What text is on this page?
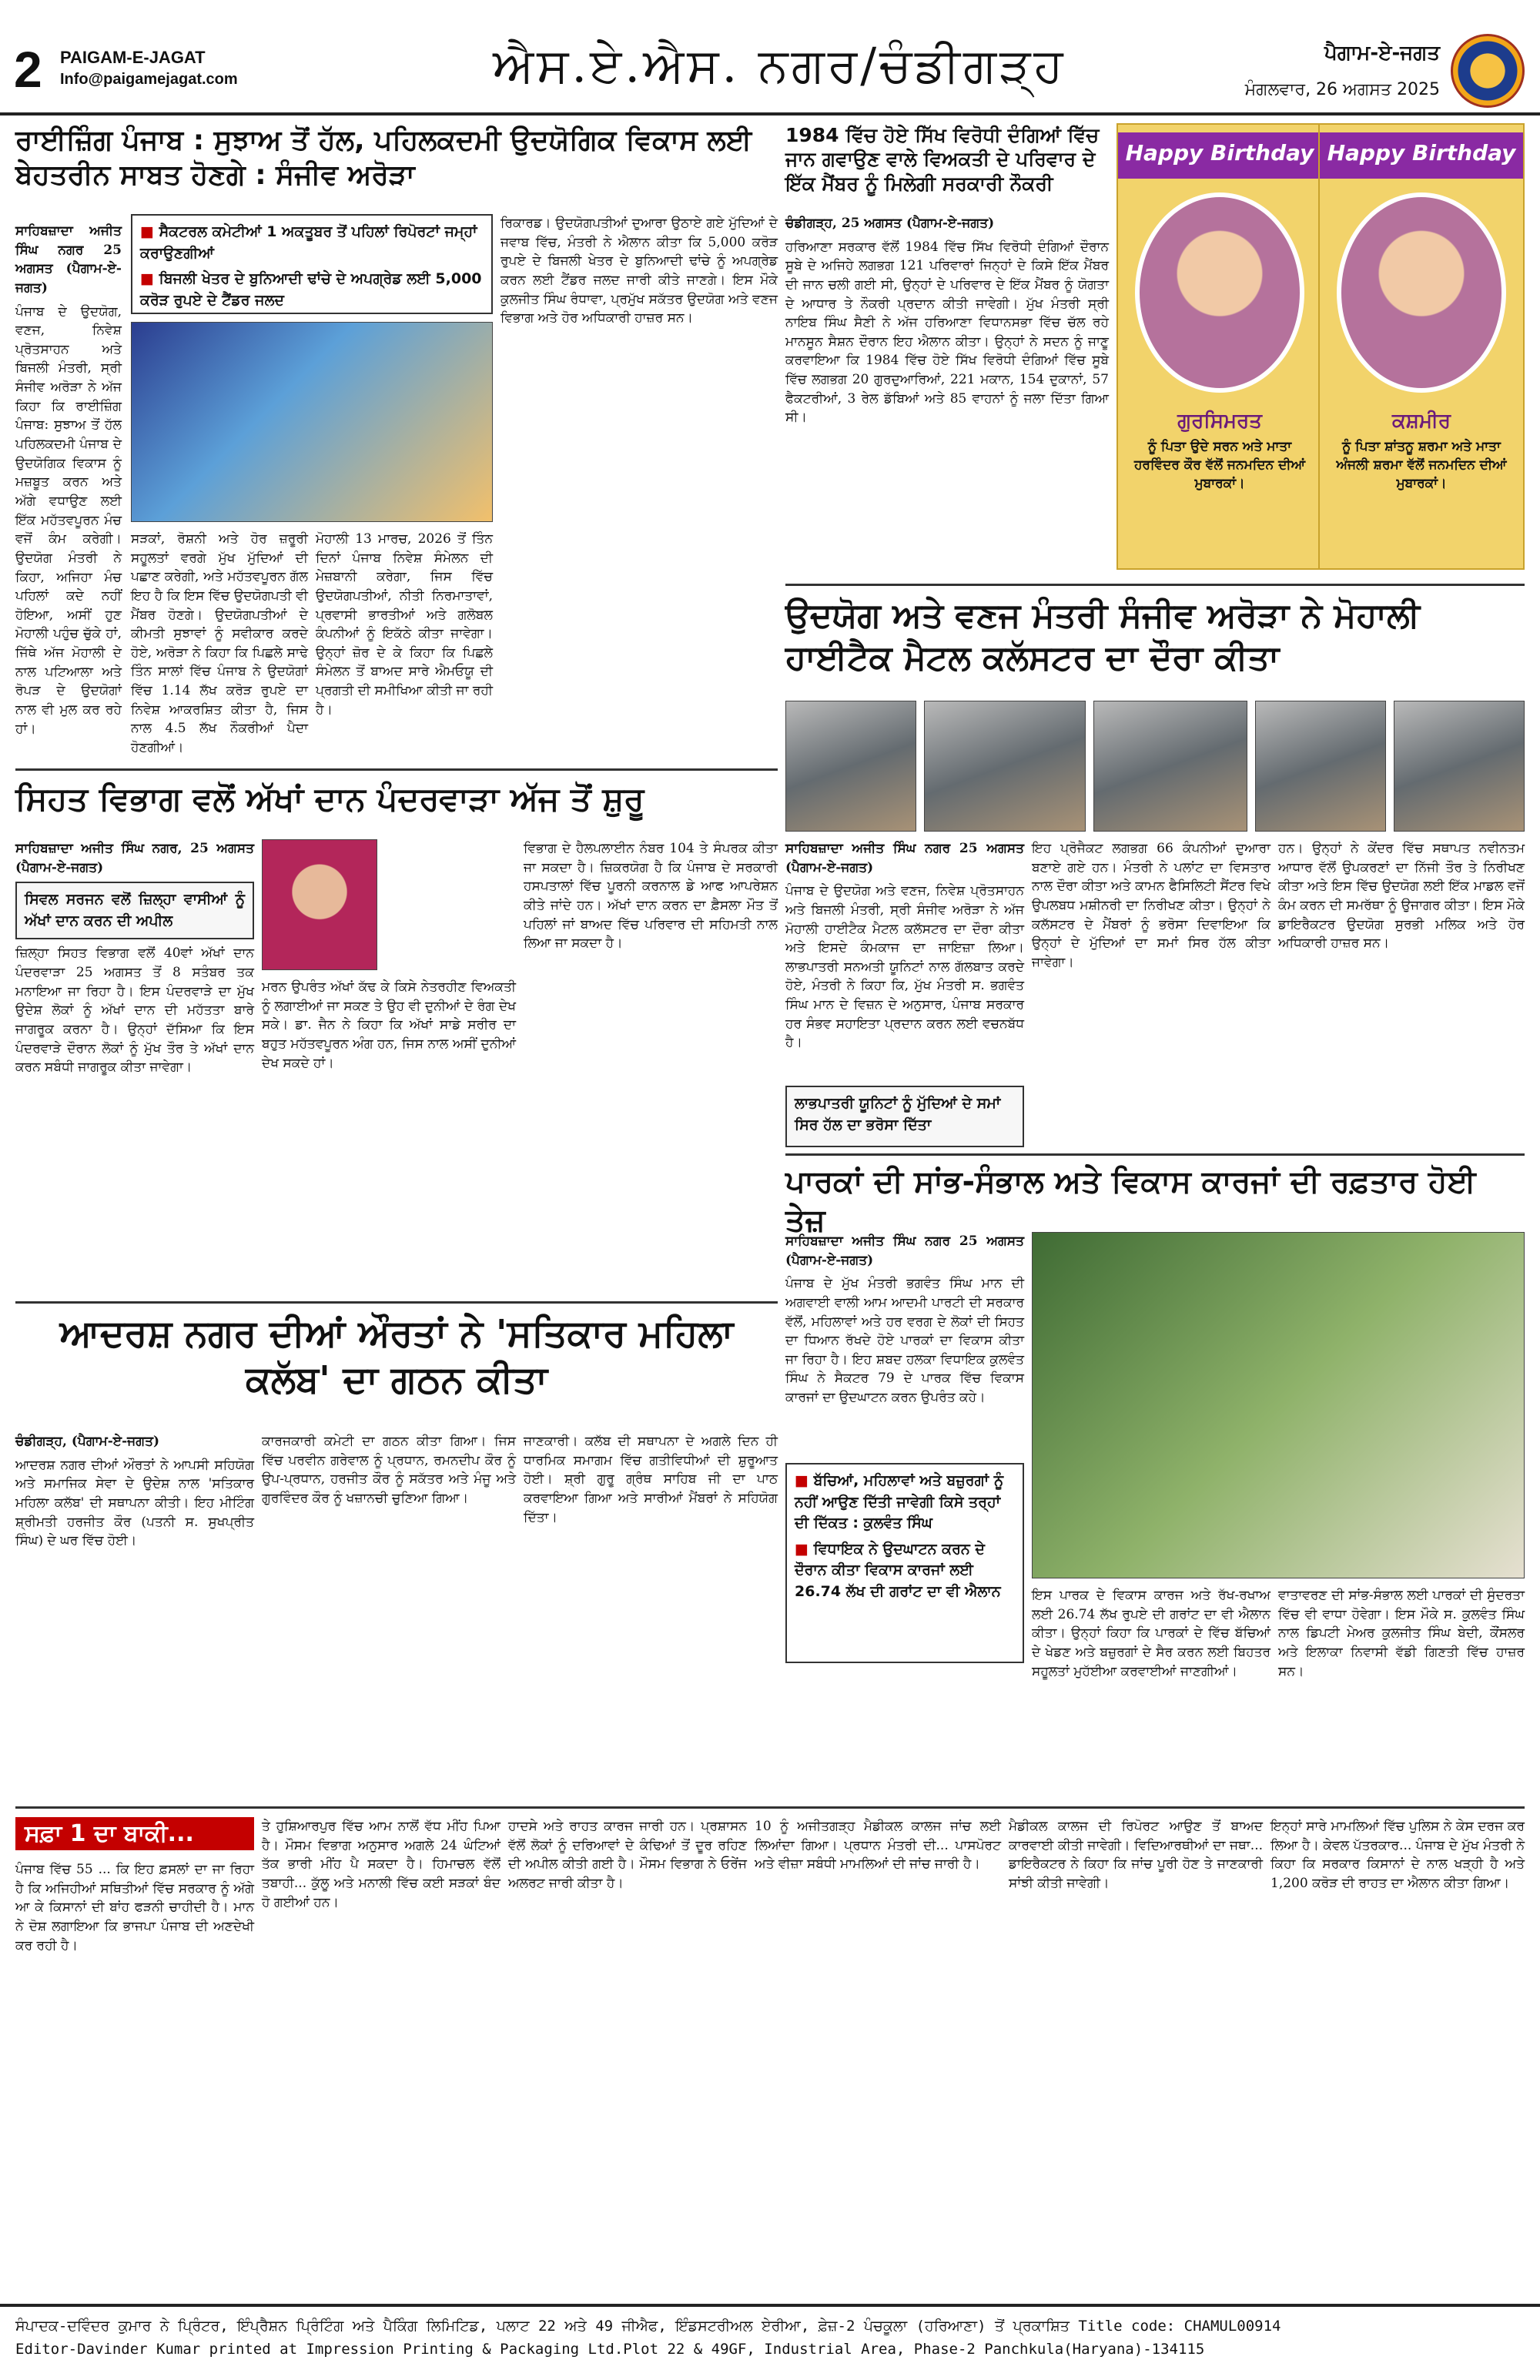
2 PAIGAM-E-JAGAT
Info@paigamejagat.com	ਐਸ.ਏ.ਐਸ. ਨਗਰ/ਚੰਡੀਗੜ੍ਹ	ਪੈਗਾਮ-ਏ-ਜਗਤ
ਮੰਗਲਵਾਰ, 26 ਅਗਸਤ 2025
ਰਾਈਜ਼ਿੰਗ ਪੰਜਾਬ : ਸੁਝਾਅ ਤੋਂ ਹੱਲ, ਪਹਿਲਕਦਮੀ ਉਦਯੋਗਿਕ ਵਿਕਾਸ ਲਈ ਬੇਹਤਰੀਨ ਸਾਬਤ ਹੋਣਗੇ : ਸੰਜੀਵ ਅਰੋੜਾ
ਸਾਹਿਬਜ਼ਾਦਾ ਅਜੀਤ ਸਿੰਘ ਨਗਰ 25 ਅਗਸਤ (ਪੈਗਾਮ-ਏ-ਜਗਤ)

ਪੰਜਾਬ ਦੇ ਉਦਯੋਗ, ਵਣਜ, ਨਿਵੇਸ਼ ਪ੍ਰੋਤਸਾਹਨ ਅਤੇ ਬਿਜਲੀ ਮੰਤਰੀ, ਸ੍ਰੀ ਸੰਜੀਵ ਅਰੋੜਾ ਨੇ ਅੱਜ ਕਿਹਾ ਕਿ ਰਾਈਜ਼ਿੰਗ ਪੰਜਾਬ: ਸੁਝਾਅ ਤੋਂ ਹੱਲ ਪਹਿਲਕਦਮੀ ਪੰਜਾਬ ਦੇ ਉਦਯੋਗਿਕ ਵਿਕਾਸ ਨੂੰ ਮਜ਼ਬੂਤ ਕਰਨ ਅਤੇ ਅੱਗੇ ਵਧਾਉਣ ਲਈ ਇੱਕ ਮਹੱਤਵਪੂਰਨ ਮੰਚ ਵਜੋਂ ਕੰਮ ਕਰੇਗੀ। ਉਦਯੋਗ ਮੰਤਰੀ ਨੇ ਕਿਹਾ, ਅਜਿਹਾ ਮੰਚ ਪਹਿਲਾਂ ਕਦੇ ਨਹੀਂ ਹੋਇਆ, ਅਸੀਂ ਹੁਣ ਮੋਹਾਲੀ ਪਹੁੰਚ ਚੁੱਕੇ ਹਾਂ, ਜਿੱਥੇ ਅੱਜ ਮੋਹਾਲੀ ਦੇ ਨਾਲ ਪਟਿਆਲਾ ਅਤੇ ਰੋਪੜ ਦੇ ਉਦਯੋਗਾਂ ਨਾਲ ਵੀ ਮੁਲ ਕਰ ਰਹੇ ਹਾਂ।

■ ਸੈਕਟਰਲ ਕਮੇਟੀਆਂ 1 ਅਕਤੂਬਰ ਤੋਂ ਪਹਿਲਾਂ ਰਿਪੋਰਟਾਂ ਜਮ੍ਹਾਂ ਕਰਾਉਣਗੀਆਂ
■ ਬਿਜਲੀ ਖੇਤਰ ਦੇ ਬੁਨਿਆਦੀ ਢਾਂਚੇ ਦੇ ਅਪਗ੍ਰੇਡ ਲਈ 5,000 ਕਰੋੜ ਰੁਪਏ ਦੇ ਟੈਂਡਰ ਜਲਦ

ਸੜਕਾਂ, ਰੋਸ਼ਨੀ ਅਤੇ ਹੋਰ ਜ਼ਰੂਰੀ ਸਹੂਲਤਾਂ ਵਰਗੇ ਮੁੱਖ ਮੁੱਦਿਆਂ ਦੀ ਪਛਾਣ ਕਰੇਗੀ, ਅਤੇ ਮਹੱਤਵਪੂਰਨ ਗੱਲ ਇਹ ਹੈ ਕਿ ਇਸ ਵਿੱਚ ਉਦਯੋਗਪਤੀ ਵੀ ਮੈਂਬਰ ਹੋਣਗੇ। ਉਦਯੋਗਪਤੀਆਂ ਦੇ ਕੀਮਤੀ ਸੁਝਾਵਾਂ ਨੂੰ ਸਵੀਕਾਰ ਕਰਦੇ ਹੋਏ, ਅਰੋੜਾ ਨੇ ਕਿਹਾ ਕਿ ਪਿਛਲੇ ਸਾਢੇ ਤਿੰਨ ਸਾਲਾਂ ਵਿੱਚ ਪੰਜਾਬ ਨੇ ਉਦਯੋਗਾਂ ਵਿੱਚ 1.14 ਲੱਖ ਕਰੋੜ ਰੁਪਏ ਦਾ ਨਿਵੇਸ਼ ਆਕਰਸ਼ਿਤ ਕੀਤਾ ਹੈ, ਜਿਸ ਨਾਲ 4.5 ਲੱਖ ਨੌਕਰੀਆਂ ਪੈਦਾ ਹੋਣਗੀਆਂ।

ਮੋਹਾਲੀ 13 ਮਾਰਚ, 2026 ਤੋਂ ਤਿੰਨ ਦਿਨਾਂ ਪੰਜਾਬ ਨਿਵੇਸ਼ ਸੰਮੇਲਨ ਦੀ ਮੇਜ਼ਬਾਨੀ ਕਰੇਗਾ, ਜਿਸ ਵਿੱਚ ਉਦਯੋਗਪਤੀਆਂ, ਨੀਤੀ ਨਿਰਮਾਤਾਵਾਂ, ਪ੍ਰਵਾਸੀ ਭਾਰਤੀਆਂ ਅਤੇ ਗਲੋਬਲ ਕੰਪਨੀਆਂ ਨੂੰ ਇਕੱਠੇ ਕੀਤਾ ਜਾਵੇਗਾ। ਉਨ੍ਹਾਂ ਜ਼ੋਰ ਦੇ ਕੇ ਕਿਹਾ ਕਿ ਪਿਛਲੇ ਸੰਮੇਲਨ ਤੋਂ ਬਾਅਦ ਸਾਰੇ ਐਮਓਯੂ ਦੀ ਪ੍ਰਗਤੀ ਦੀ ਸਮੀਖਿਆ ਕੀਤੀ ਜਾ ਰਹੀ ਹੈ।

ਰਿਕਾਰਡ। ਉਦਯੋਗਪਤੀਆਂ ਦੁਆਰਾ ਉਠਾਏ ਗਏ ਮੁੱਦਿਆਂ ਦੇ ਜਵਾਬ ਵਿੱਚ, ਮੰਤਰੀ ਨੇ ਐਲਾਨ ਕੀਤਾ ਕਿ 5,000 ਕਰੋੜ ਰੁਪਏ ਦੇ ਬਿਜਲੀ ਖੇਤਰ ਦੇ ਬੁਨਿਆਦੀ ਢਾਂਚੇ ਨੂੰ ਅਪਗ੍ਰੇਡ ਕਰਨ ਲਈ ਟੈਂਡਰ ਜਲਦ ਜਾਰੀ ਕੀਤੇ ਜਾਣਗੇ। ਇਸ ਮੌਕੇ ਕੁਲਜੀਤ ਸਿੰਘ ਰੰਧਾਵਾ, ਪ੍ਰਮੁੱਖ ਸਕੱਤਰ ਉਦਯੋਗ ਅਤੇ ਵਣਜ ਵਿਭਾਗ ਅਤੇ ਹੋਰ ਅਧਿਕਾਰੀ ਹਾਜ਼ਰ ਸਨ।

1984 ਵਿੱਚ ਹੋਏ ਸਿੱਖ ਵਿਰੋਧੀ ਦੰਗਿਆਂ ਵਿੱਚ ਜਾਨ ਗਵਾਉਣ ਵਾਲੇ ਵਿਅਕਤੀ ਦੇ ਪਰਿਵਾਰ ਦੇ ਇੱਕ ਮੈਂਬਰ ਨੂੰ ਮਿਲੇਗੀ ਸਰਕਾਰੀ ਨੌਕਰੀ
ਚੰਡੀਗੜ੍ਹ, 25 ਅਗਸਤ (ਪੈਗਾਮ-ਏ-ਜਗਤ)

ਹਰਿਆਣਾ ਸਰਕਾਰ ਵੱਲੋਂ 1984 ਵਿੱਚ ਸਿੱਖ ਵਿਰੋਧੀ ਦੰਗਿਆਂ ਦੌਰਾਨ ਸੂਬੇ ਦੇ ਅਜਿਹੇ ਲਗਭਗ 121 ਪਰਿਵਾਰਾਂ ਜਿਨ੍ਹਾਂ ਦੇ ਕਿਸੇ ਇੱਕ ਮੈਂਬਰ ਦੀ ਜਾਨ ਚਲੀ ਗਈ ਸੀ, ਉਨ੍ਹਾਂ ਦੇ ਪਰਿਵਾਰ ਦੇ ਇੱਕ ਮੈਂਬਰ ਨੂੰ ਯੋਗਤਾ ਦੇ ਆਧਾਰ ਤੇ ਨੌਕਰੀ ਪ੍ਰਦਾਨ ਕੀਤੀ ਜਾਵੇਗੀ। ਮੁੱਖ ਮੰਤਰੀ ਸ੍ਰੀ ਨਾਇਬ ਸਿੰਘ ਸੈਣੀ ਨੇ ਅੱਜ ਹਰਿਆਣਾ ਵਿਧਾਨਸਭਾ ਵਿੱਚ ਚੱਲ ਰਹੇ ਮਾਨਸੂਨ ਸੈਸ਼ਨ ਦੌਰਾਨ ਇਹ ਐਲਾਨ ਕੀਤਾ। ਉਨ੍ਹਾਂ ਨੇ ਸਦਨ ਨੂੰ ਜਾਣੂ ਕਰਵਾਇਆ ਕਿ 1984 ਵਿੱਚ ਹੋਏ ਸਿੱਖ ਵਿਰੋਧੀ ਦੰਗਿਆਂ ਵਿੱਚ ਸੂਬੇ ਵਿੱਚ ਲਗਭਗ 20 ਗੁਰਦੁਆਰਿਆਂ, 221 ਮਕਾਨ, 154 ਦੁਕਾਨਾਂ, 57 ਫੈਕਟਰੀਆਂ, 3 ਰੇਲ ਡੱਬਿਆਂ ਅਤੇ 85 ਵਾਹਨਾਂ ਨੂੰ ਜਲਾ ਦਿੱਤਾ ਗਿਆ ਸੀ।

Happy Birthday
ਗੁਰਸਿਮਰਤ
ਨੂੰ ਪਿਤਾ ਉਦੇ ਸਰਨ ਅਤੇ ਮਾਤਾ ਹਰਵਿੰਦਰ ਕੌਰ ਵੱਲੋਂ ਜਨਮਦਿਨ ਦੀਆਂ ਮੁਬਾਰਕਾਂ।
Happy Birthday
ਕਸ਼ਮੀਰ
ਨੂੰ ਪਿਤਾ ਸ਼ਾਂਤਨੂ ਸ਼ਰਮਾ ਅਤੇ ਮਾਤਾ ਅੰਜਲੀ ਸ਼ਰਮਾ ਵੱਲੋਂ ਜਨਮਦਿਨ ਦੀਆਂ ਮੁਬਾਰਕਾਂ।
ਉਦਯੋਗ ਅਤੇ ਵਣਜ ਮੰਤਰੀ ਸੰਜੀਵ ਅਰੋੜਾ ਨੇ ਮੋਹਾਲੀ ਹਾਈਟੈਕ ਮੈਟਲ ਕਲੱਸਟਰ ਦਾ ਦੌਰਾ ਕੀਤਾ
ਸਾਹਿਬਜ਼ਾਦਾ ਅਜੀਤ ਸਿੰਘ ਨਗਰ 25 ਅਗਸਤ (ਪੈਗਾਮ-ਏ-ਜਗਤ)

ਪੰਜਾਬ ਦੇ ਉਦਯੋਗ ਅਤੇ ਵਣਜ, ਨਿਵੇਸ਼ ਪ੍ਰੋਤਸਾਹਨ ਅਤੇ ਬਿਜਲੀ ਮੰਤਰੀ, ਸ੍ਰੀ ਸੰਜੀਵ ਅਰੋੜਾ ਨੇ ਅੱਜ ਮੋਹਾਲੀ ਹਾਈਟੈਕ ਮੈਟਲ ਕਲੱਸਟਰ ਦਾ ਦੌਰਾ ਕੀਤਾ ਅਤੇ ਇਸਦੇ ਕੰਮਕਾਜ ਦਾ ਜਾਇਜ਼ਾ ਲਿਆ। ਲਾਭਪਾਤਰੀ ਸਨਅਤੀ ਯੂਨਿਟਾਂ ਨਾਲ ਗੱਲਬਾਤ ਕਰਦੇ ਹੋਏ, ਮੰਤਰੀ ਨੇ ਕਿਹਾ ਕਿ, ਮੁੱਖ ਮੰਤਰੀ ਸ. ਭਗਵੰਤ ਸਿੰਘ ਮਾਨ ਦੇ ਵਿਜ਼ਨ ਦੇ ਅਨੁਸਾਰ, ਪੰਜਾਬ ਸਰਕਾਰ ਹਰ ਸੰਭਵ ਸਹਾਇਤਾ ਪ੍ਰਦਾਨ ਕਰਨ ਲਈ ਵਚਨਬੱਧ ਹੈ।

ਲਾਭਪਾਤਰੀ ਯੂਨਿਟਾਂ ਨੂੰ ਮੁੱਦਿਆਂ ਦੇ ਸਮਾਂ ਸਿਰ ਹੱਲ ਦਾ ਭਰੋਸਾ ਦਿੱਤਾ

ਇਹ ਪ੍ਰੋਜੈਕਟ ਲਗਭਗ 66 ਕੰਪਨੀਆਂ ਦੁਆਰਾ ਬਣਾਏ ਗਏ ਹਨ। ਮੰਤਰੀ ਨੇ ਪਲਾਂਟ ਦਾ ਵਿਸਤਾਰ ਨਾਲ ਦੌਰਾ ਕੀਤਾ ਅਤੇ ਕਾਮਨ ਫੈਸਿਲਿਟੀ ਸੈਂਟਰ ਵਿਖੇ ਉਪਲਬਧ ਮਸ਼ੀਨਰੀ ਦਾ ਨਿਰੀਖਣ ਕੀਤਾ। ਉਨ੍ਹਾਂ ਨੇ ਕਲੱਸਟਰ ਦੇ ਮੈਂਬਰਾਂ ਨੂੰ ਭਰੋਸਾ ਦਿਵਾਇਆ ਕਿ ਉਨ੍ਹਾਂ ਦੇ ਮੁੱਦਿਆਂ ਦਾ ਸਮਾਂ ਸਿਰ ਹੱਲ ਕੀਤਾ ਜਾਵੇਗਾ।

ਹਨ। ਉਨ੍ਹਾਂ ਨੇ ਕੇਂਦਰ ਵਿੱਚ ਸਥਾਪਤ ਨਵੀਨਤਮ ਆਧਾਰ ਵੱਲੋਂ ਉਪਕਰਣਾਂ ਦਾ ਨਿੱਜੀ ਤੌਰ ਤੇ ਨਿਰੀਖਣ ਕੀਤਾ ਅਤੇ ਇਸ ਵਿੱਚ ਉਦਯੋਗ ਲਈ ਇੱਕ ਮਾਡਲ ਵਜੋਂ ਕੰਮ ਕਰਨ ਦੀ ਸਮਰੱਥਾ ਨੂੰ ਉਜਾਗਰ ਕੀਤਾ। ਇਸ ਮੌਕੇ ਡਾਇਰੈਕਟਰ ਉਦਯੋਗ ਸੁਰਭੀ ਮਲਿਕ ਅਤੇ ਹੋਰ ਅਧਿਕਾਰੀ ਹਾਜ਼ਰ ਸਨ।

ਸਿਹਤ ਵਿਭਾਗ ਵਲੋਂ ਅੱਖਾਂ ਦਾਨ ਪੰਦਰਵਾੜਾ ਅੱਜ ਤੋਂ ਸ਼ੁਰੂ
ਸਾਹਿਬਜ਼ਾਦਾ ਅਜੀਤ ਸਿੰਘ ਨਗਰ, 25 ਅਗਸਤ (ਪੈਗਾਮ-ਏ-ਜਗਤ)
ਸਿਵਲ ਸਰਜਨ ਵਲੋਂ ਜ਼ਿਲ੍ਹਾ ਵਾਸੀਆਂ ਨੂੰ ਅੱਖਾਂ ਦਾਨ ਕਰਨ ਦੀ ਅਪੀਲ

ਜ਼ਿਲ੍ਹਾ ਸਿਹਤ ਵਿਭਾਗ ਵਲੋਂ 40ਵਾਂ ਅੱਖਾਂ ਦਾਨ ਪੰਦਰਵਾੜਾ 25 ਅਗਸਤ ਤੋਂ 8 ਸਤੰਬਰ ਤਕ ਮਨਾਇਆ ਜਾ ਰਿਹਾ ਹੈ। ਇਸ ਪੰਦਰਵਾੜੇ ਦਾ ਮੁੱਖ ਉਦੇਸ਼ ਲੋਕਾਂ ਨੂੰ ਅੱਖਾਂ ਦਾਨ ਦੀ ਮਹੱਤਤਾ ਬਾਰੇ ਜਾਗਰੂਕ ਕਰਨਾ ਹੈ। ਉਨ੍ਹਾਂ ਦੱਸਿਆ ਕਿ ਇਸ ਪੰਦਰਵਾੜੇ ਦੌਰਾਨ ਲੋਕਾਂ ਨੂੰ ਮੁੱਖ ਤੌਰ ਤੇ ਅੱਖਾਂ ਦਾਨ ਕਰਨ ਸਬੰਧੀ ਜਾਗਰੂਕ ਕੀਤਾ ਜਾਵੇਗਾ।

ਮਰਨ ਉਪਰੰਤ ਅੱਖਾਂ ਕੱਢ ਕੇ ਕਿਸੇ ਨੇਤਰਹੀਣ ਵਿਅਕਤੀ ਨੂੰ ਲਗਾਈਆਂ ਜਾ ਸਕਣ ਤੇ ਉਹ ਵੀ ਦੁਨੀਆਂ ਦੇ ਰੰਗ ਦੇਖ ਸਕੇ। ਡਾ. ਜੈਨ ਨੇ ਕਿਹਾ ਕਿ ਅੱਖਾਂ ਸਾਡੇ ਸਰੀਰ ਦਾ ਬਹੁਤ ਮਹੱਤਵਪੂਰਨ ਅੰਗ ਹਨ, ਜਿਸ ਨਾਲ ਅਸੀਂ ਦੁਨੀਆਂ ਦੇਖ ਸਕਦੇ ਹਾਂ।

ਵਿਭਾਗ ਦੇ ਹੈਲਪਲਾਈਨ ਨੰਬਰ 104 ਤੇ ਸੰਪਰਕ ਕੀਤਾ ਜਾ ਸਕਦਾ ਹੈ। ਜ਼ਿਕਰਯੋਗ ਹੈ ਕਿ ਪੰਜਾਬ ਦੇ ਸਰਕਾਰੀ ਹਸਪਤਾਲਾਂ ਵਿੱਚ ਪੂਰਨੀ ਕਰਨਾਲ ਡੇ ਆਫ ਆਪਰੇਸ਼ਨ ਕੀਤੇ ਜਾਂਦੇ ਹਨ। ਅੱਖਾਂ ਦਾਨ ਕਰਨ ਦਾ ਫ਼ੈਸਲਾ ਮੌਤ ਤੋਂ ਪਹਿਲਾਂ ਜਾਂ ਬਾਅਦ ਵਿੱਚ ਪਰਿਵਾਰ ਦੀ ਸਹਿਮਤੀ ਨਾਲ ਲਿਆ ਜਾ ਸਕਦਾ ਹੈ।

ਪਾਰਕਾਂ ਦੀ ਸਾਂਭ-ਸੰਭਾਲ ਅਤੇ ਵਿਕਾਸ ਕਾਰਜਾਂ ਦੀ ਰਫ਼ਤਾਰ ਹੋਈ ਤੇਜ਼
ਸਾਹਿਬਜ਼ਾਦਾ ਅਜੀਤ ਸਿੰਘ ਨਗਰ 25 ਅਗਸਤ (ਪੈਗਾਮ-ਏ-ਜਗਤ)

ਪੰਜਾਬ ਦੇ ਮੁੱਖ ਮੰਤਰੀ ਭਗਵੰਤ ਸਿੰਘ ਮਾਨ ਦੀ ਅਗਵਾਈ ਵਾਲੀ ਆਮ ਆਦਮੀ ਪਾਰਟੀ ਦੀ ਸਰਕਾਰ ਵੱਲੋਂ, ਮਹਿਲਾਵਾਂ ਅਤੇ ਹਰ ਵਰਗ ਦੇ ਲੋਕਾਂ ਦੀ ਸਿਹਤ ਦਾ ਧਿਆਨ ਰੱਖਦੇ ਹੋਏ ਪਾਰਕਾਂ ਦਾ ਵਿਕਾਸ ਕੀਤਾ ਜਾ ਰਿਹਾ ਹੈ। ਇਹ ਸ਼ਬਦ ਹਲਕਾ ਵਿਧਾਇਕ ਕੁਲਵੰਤ ਸਿੰਘ ਨੇ ਸੈਕਟਰ 79 ਦੇ ਪਾਰਕ ਵਿੱਚ ਵਿਕਾਸ ਕਾਰਜਾਂ ਦਾ ਉਦਘਾਟਨ ਕਰਨ ਉਪਰੰਤ ਕਹੇ।

■ ਬੱਚਿਆਂ, ਮਹਿਲਾਵਾਂ ਅਤੇ ਬਜ਼ੁਰਗਾਂ ਨੂੰ ਨਹੀਂ ਆਉਣ ਦਿੱਤੀ ਜਾਵੇਗੀ ਕਿਸੇ ਤਰ੍ਹਾਂ ਦੀ ਦਿੱਕਤ : ਕੁਲਵੰਤ ਸਿੰਘ
■ ਵਿਧਾਇਕ ਨੇ ਉਦਘਾਟਨ ਕਰਨ ਦੇ ਦੌਰਾਨ ਕੀਤਾ ਵਿਕਾਸ ਕਾਰਜਾਂ ਲਈ 26.74 ਲੱਖ ਦੀ ਗਰਾਂਟ ਦਾ ਵੀ ਐਲਾਨ	ਇਸ ਪਾਰਕ ਦੇ ਵਿਕਾਸ ਕਾਰਜ ਅਤੇ ਰੱਖ-ਰਖਾਅ ਲਈ 26.74 ਲੱਖ ਰੁਪਏ ਦੀ ਗਰਾਂਟ ਦਾ ਵੀ ਐਲਾਨ ਕੀਤਾ। ਉਨ੍ਹਾਂ ਕਿਹਾ ਕਿ ਪਾਰਕਾਂ ਦੇ ਵਿੱਚ ਬੱਚਿਆਂ ਦੇ ਖੇਡਣ ਅਤੇ ਬਜ਼ੁਰਗਾਂ ਦੇ ਸੈਰ ਕਰਨ ਲਈ ਬਿਹਤਰ ਸਹੂਲਤਾਂ ਮੁਹੱਈਆ ਕਰਵਾਈਆਂ ਜਾਣਗੀਆਂ।

ਵਾਤਾਵਰਣ ਦੀ ਸਾਂਭ-ਸੰਭਾਲ ਲਈ ਪਾਰਕਾਂ ਦੀ ਸੁੰਦਰਤਾ ਵਿੱਚ ਵੀ ਵਾਧਾ ਹੋਵੇਗਾ। ਇਸ ਮੌਕੇ ਸ. ਕੁਲਵੰਤ ਸਿੰਘ ਨਾਲ ਡਿਪਟੀ ਮੇਅਰ ਕੁਲਜੀਤ ਸਿੰਘ ਬੇਦੀ, ਕੌਂਸਲਰ ਅਤੇ ਇਲਾਕਾ ਨਿਵਾਸੀ ਵੱਡੀ ਗਿਣਤੀ ਵਿੱਚ ਹਾਜ਼ਰ ਸਨ।

ਆਦਰਸ਼ ਨਗਰ ਦੀਆਂ ਔਰਤਾਂ ਨੇ 'ਸਤਿਕਾਰ ਮਹਿਲਾ ਕਲੱਬ' ਦਾ ਗਠਨ ਕੀਤਾ
ਚੰਡੀਗੜ੍ਹ, (ਪੈਗਾਮ-ਏ-ਜਗਤ)

ਆਦਰਸ਼ ਨਗਰ ਦੀਆਂ ਔਰਤਾਂ ਨੇ ਆਪਸੀ ਸਹਿਯੋਗ ਅਤੇ ਸਮਾਜਿਕ ਸੇਵਾ ਦੇ ਉਦੇਸ਼ ਨਾਲ 'ਸਤਿਕਾਰ ਮਹਿਲਾ ਕਲੱਬ' ਦੀ ਸਥਾਪਨਾ ਕੀਤੀ। ਇਹ ਮੀਟਿੰਗ ਸ਼੍ਰੀਮਤੀ ਹਰਜੀਤ ਕੌਰ (ਪਤਨੀ ਸ. ਸੁਖਪ੍ਰੀਤ ਸਿੰਘ) ਦੇ ਘਰ ਵਿੱਚ ਹੋਈ।

ਕਾਰਜਕਾਰੀ ਕਮੇਟੀ ਦਾ ਗਠਨ ਕੀਤਾ ਗਿਆ। ਜਿਸ ਵਿੱਚ ਪਰਵੀਨ ਗਰੇਵਾਲ ਨੂੰ ਪ੍ਰਧਾਨ, ਰਮਨਦੀਪ ਕੌਰ ਨੂੰ ਉਪ-ਪ੍ਰਧਾਨ, ਹਰਜੀਤ ਕੌਰ ਨੂੰ ਸਕੱਤਰ ਅਤੇ ਮੰਜੂ ਅਤੇ ਗੁਰਵਿੰਦਰ ਕੌਰ ਨੂੰ ਖਜ਼ਾਨਚੀ ਚੁਣਿਆ ਗਿਆ।

ਜਾਣਕਾਰੀ। ਕਲੱਬ ਦੀ ਸਥਾਪਨਾ ਦੇ ਅਗਲੇ ਦਿਨ ਹੀ ਧਾਰਮਿਕ ਸਮਾਗਮ ਵਿੱਚ ਗਤੀਵਿਧੀਆਂ ਦੀ ਸ਼ੁਰੂਆਤ ਹੋਈ। ਸ਼੍ਰੀ ਗੁਰੂ ਗ੍ਰੰਥ ਸਾਹਿਬ ਜੀ ਦਾ ਪਾਠ ਕਰਵਾਇਆ ਗਿਆ ਅਤੇ ਸਾਰੀਆਂ ਮੈਂਬਰਾਂ ਨੇ ਸਹਿਯੋਗ ਦਿੱਤਾ।

ਸਫ਼ਾ 1 ਦਾ ਬਾਕੀ...

ਪੰਜਾਬ ਵਿੱਚ 55 ... ਕਿ ਇਹ ਫ਼ਸਲਾਂ ਦਾ ਜਾ ਰਿਹਾ ਹੈ ਕਿ ਅਜਿਹੀਆਂ ਸਥਿਤੀਆਂ ਵਿੱਚ ਸਰਕਾਰ ਨੂੰ ਅੱਗੇ ਆ ਕੇ ਕਿਸਾਨਾਂ ਦੀ ਬਾਂਹ ਫੜਨੀ ਚਾਹੀਦੀ ਹੈ। ਮਾਨ ਨੇ ਦੋਸ਼ ਲਗਾਇਆ ਕਿ ਭਾਜਪਾ ਪੰਜਾਬ ਦੀ ਅਣਦੇਖੀ ਕਰ ਰਹੀ ਹੈ।

ਤੇ ਹੁਸ਼ਿਆਰਪੁਰ ਵਿੱਚ ਆਮ ਨਾਲੋਂ ਵੱਧ ਮੀਂਹ ਪਿਆ ਹੈ। ਮੌਸਮ ਵਿਭਾਗ ਅਨੁਸਾਰ ਅਗਲੇ 24 ਘੰਟਿਆਂ ਤੱਕ ਭਾਰੀ ਮੀਂਹ ਪੈ ਸਕਦਾ ਹੈ। ਹਿਮਾਚਲ ਵੱਲੋਂ ਤਬਾਹੀ... ਕੁੱਲੂ ਅਤੇ ਮਨਾਲੀ ਵਿੱਚ ਕਈ ਸੜਕਾਂ ਬੰਦ ਹੋ ਗਈਆਂ ਹਨ।

ਹਾਦਸੇ ਅਤੇ ਰਾਹਤ ਕਾਰਜ ਜਾਰੀ ਹਨ। ਪ੍ਰਸ਼ਾਸਨ ਵੱਲੋਂ ਲੋਕਾਂ ਨੂੰ ਦਰਿਆਵਾਂ ਦੇ ਕੰਢਿਆਂ ਤੋਂ ਦੂਰ ਰਹਿਣ ਦੀ ਅਪੀਲ ਕੀਤੀ ਗਈ ਹੈ। ਮੌਸਮ ਵਿਭਾਗ ਨੇ ਓਰੇਂਜ ਅਲਰਟ ਜਾਰੀ ਕੀਤਾ ਹੈ।

10 ਨੂੰ ਅਜੀਤਗੜ੍ਹ ਮੈਡੀਕਲ ਕਾਲਜ ਜਾਂਚ ਲਈ ਲਿਆਂਦਾ ਗਿਆ। ਪ੍ਰਧਾਨ ਮੰਤਰੀ ਦੀ... ਪਾਸਪੋਰਟ ਅਤੇ ਵੀਜ਼ਾ ਸਬੰਧੀ ਮਾਮਲਿਆਂ ਦੀ ਜਾਂਚ ਜਾਰੀ ਹੈ।

ਮੈਡੀਕਲ ਕਾਲਜ ਦੀ ਰਿਪੋਰਟ ਆਉਣ ਤੋਂ ਬਾਅਦ ਕਾਰਵਾਈ ਕੀਤੀ ਜਾਵੇਗੀ। ਵਿਦਿਆਰਥੀਆਂ ਦਾ ਜਥਾ... ਡਾਇਰੈਕਟਰ ਨੇ ਕਿਹਾ ਕਿ ਜਾਂਚ ਪੂਰੀ ਹੋਣ ਤੇ ਜਾਣਕਾਰੀ ਸਾਂਝੀ ਕੀਤੀ ਜਾਵੇਗੀ।

ਇਨ੍ਹਾਂ ਸਾਰੇ ਮਾਮਲਿਆਂ ਵਿੱਚ ਪੁਲਿਸ ਨੇ ਕੇਸ ਦਰਜ ਕਰ ਲਿਆ ਹੈ। ਕੇਵਲ ਪੱਤਰਕਾਰ... ਪੰਜਾਬ ਦੇ ਮੁੱਖ ਮੰਤਰੀ ਨੇ ਕਿਹਾ ਕਿ ਸਰਕਾਰ ਕਿਸਾਨਾਂ ਦੇ ਨਾਲ ਖੜ੍ਹੀ ਹੈ ਅਤੇ 1,200 ਕਰੋੜ ਦੀ ਰਾਹਤ ਦਾ ਐਲਾਨ ਕੀਤਾ ਗਿਆ।

ਸੰਪਾਦਕ-ਦਵਿੰਦਰ ਕੁਮਾਰ ਨੇ ਪ੍ਰਿੰਟਰ, ਇੰਪ੍ਰੈਸ਼ਨ ਪ੍ਰਿੰਟਿੰਗ ਅਤੇ ਪੈਕਿੰਗ ਲਿਮਿਟਿਡ, ਪਲਾਟ 22 ਅਤੇ 49 ਜੀਐਫ, ਇੰਡਸਟਰੀਅਲ ਏਰੀਆ, ਫ਼ੇਜ਼-2 ਪੰਚਕੂਲਾ (ਹਰਿਆਣਾ) ਤੋਂ ਪ੍ਰਕਾਸ਼ਿਤ Title code: CHAMUL00914
Editor-Davinder Kumar printed at Impression Printing & Packaging Ltd.Plot 22 & 49GF, Industrial Area, Phase-2 Panchkula(Haryana)-134115
